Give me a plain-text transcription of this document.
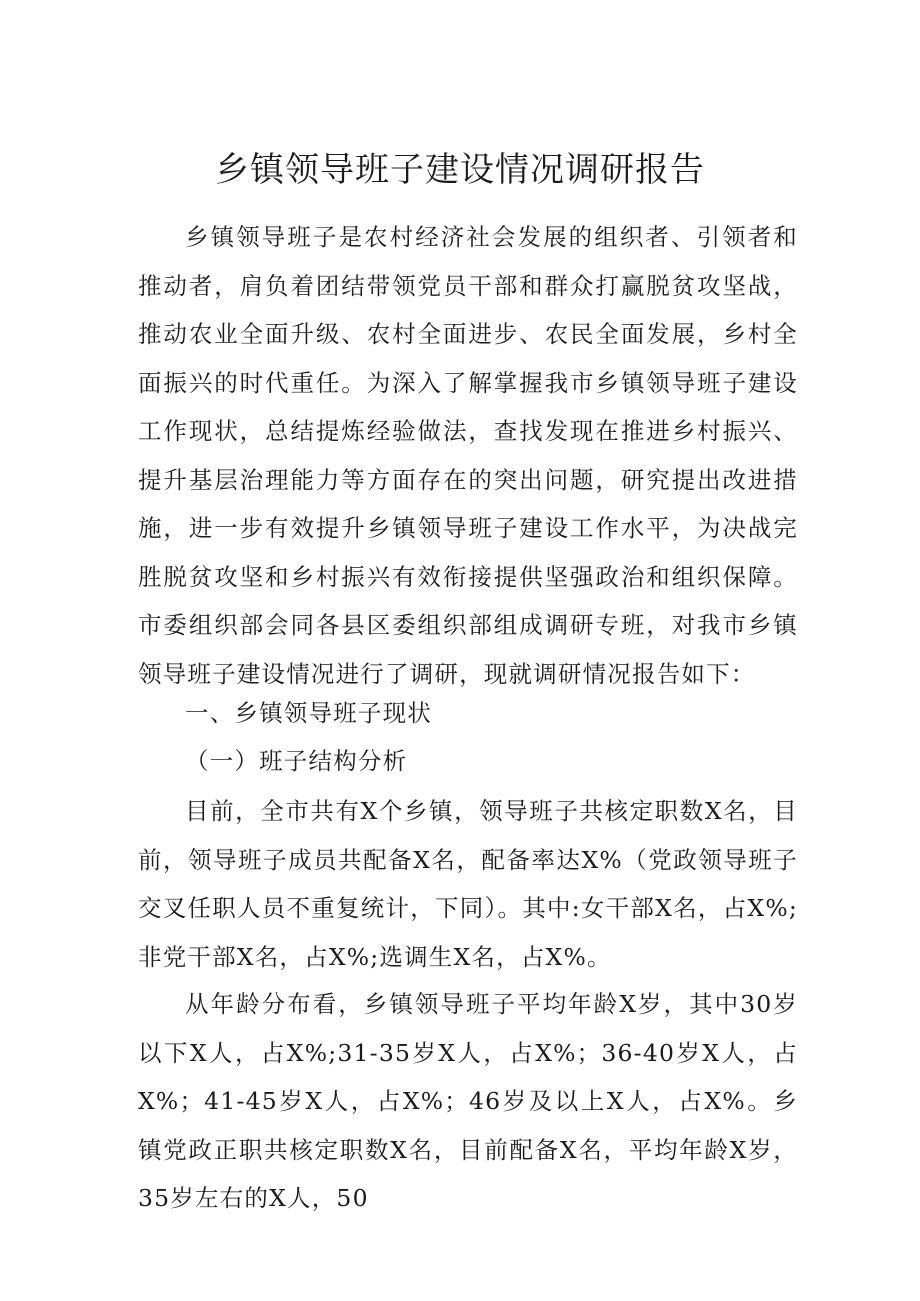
乡镇领导班子建设情况调研报告

乡镇领导班子是农村经济社会发展的组织者、引领者和推动者，肩负着团结带领党员干部和群众打赢脱贫攻坚战，推动农业全面升级、农村全面进步、农民全面发展，乡村全面振兴的时代重任。为深入了解掌握我市乡镇领导班子建设工作现状，总结提炼经验做法，查找发现在推进乡村振兴、提升基层治理能力等方面存在的突出问题，研究提出改进措施，进一步有效提升乡镇领导班子建设工作水平，为决战完胜脱贫攻坚和乡村振兴有效衔接提供坚强政治和组织保障。市委组织部会同各县区委组织部组成调研专班，对我市乡镇领导班子建设情况进行了调研，现就调研情况报告如下：

一、乡镇领导班子现状

（一）班子结构分析

目前，全市共有X个乡镇，领导班子共核定职数X名，目前，领导班子成员共配备X名，配备率达X%（党政领导班子交叉任职人员不重复统计，下同）。其中:女干部X名，占X%;非党干部X名，占X%;选调生X名，占X%。

从年龄分布看，乡镇领导班子平均年龄X岁，其中30岁以下X人，占X%;31-35岁X人，占X%；36-40岁X人，占X%；41-45岁X人，占X%；46岁及以上X人，占X%。乡镇党政正职共核定职数X名，目前配备X名，平均年龄X岁，35岁左右的X人，50
